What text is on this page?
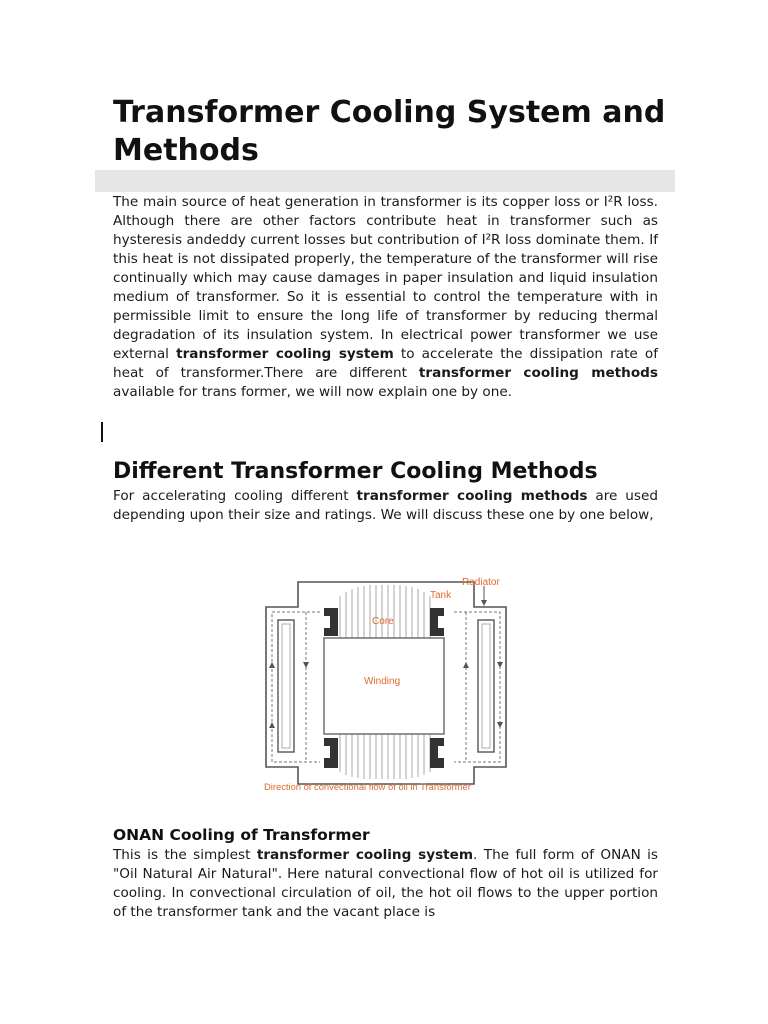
Transformer Cooling System and Methods

The main source of heat generation in transformer is its copper loss or I²R loss. Although there are other factors contribute heat in transformer such as hysteresis andeddy current losses but contribution of I²R loss dominate them. If this heat is not dissipated properly, the temperature of the transformer will rise continually which may cause damages in paper insulation and liquid insulation medium of transformer. So it is essential to control the temperature with in permissible limit to ensure the long life of transformer by reducing thermal degradation of its insulation system. In electrical power transformer we use external transformer cooling system to accelerate the dissipation rate of heat of transformer.There are different transformer cooling methods available for trans former, we will now explain one by one.

Different Transformer Cooling Methods

For accelerating cooling different transformer cooling methods are used depending upon their size and ratings. We will discuss these one by one below,

Radiator
Tank
Core
Winding
Direction of convectional flow of oil in Transformer
ONAN Cooling of Transformer

This is the simplest transformer cooling system. The full form of ONAN is "Oil Natural Air Natural". Here natural convectional flow of hot oil is utilized for cooling. In convectional circulation of oil, the hot oil flows to the upper portion of the transformer tank and the vacant place is
